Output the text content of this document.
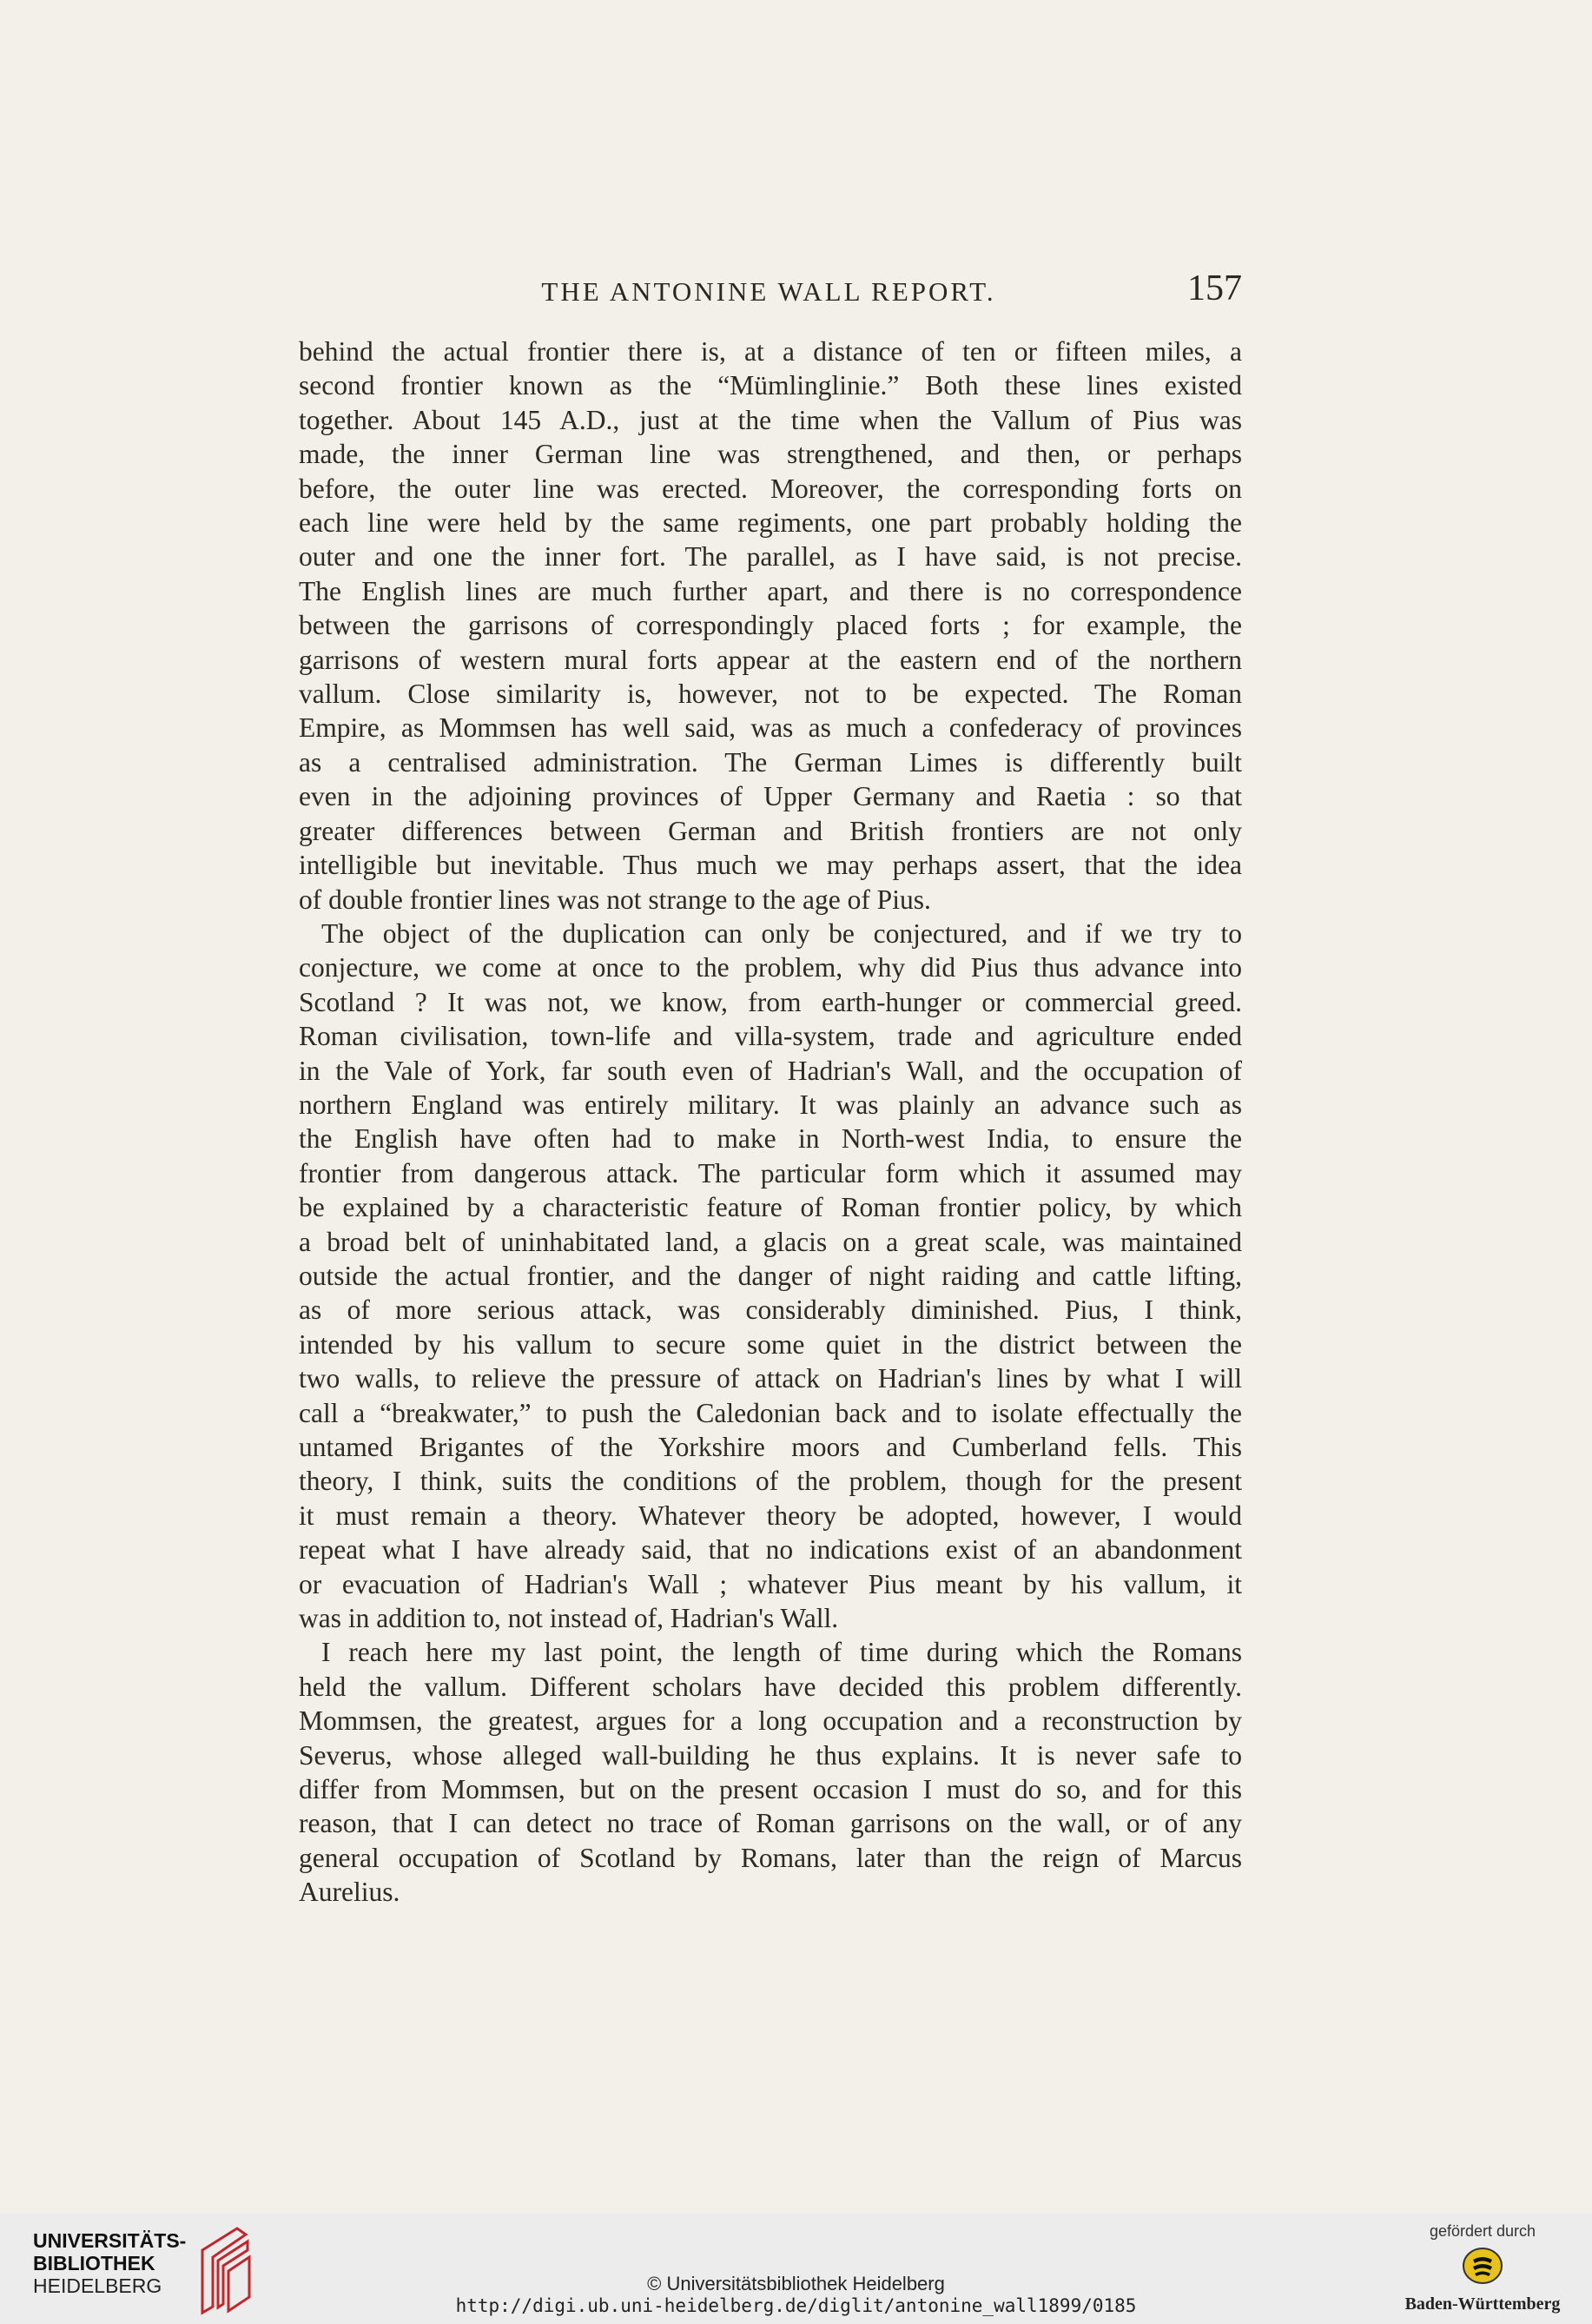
THE ANTONINE WALL REPORT.	157
behind the actual frontier there is, at a distance of ten or fifteen miles, a
second frontier known as the “Mümlinglinie.” Both these lines existed
together. About 145 A.D., just at the time when the Vallum of Pius was
made, the inner German line was strengthened, and then, or perhaps
before, the outer line was erected. Moreover, the corresponding forts on
each line were held by the same regiments, one part probably holding the
outer and one the inner fort. The parallel, as I have said, is not precise.
The English lines are much further apart, and there is no correspondence
between the garrisons of correspondingly placed forts ; for example, the
garrisons of western mural forts appear at the eastern end of the northern
vallum. Close similarity is, however, not to be expected. The Roman
Empire, as Mommsen has well said, was as much a confederacy of provinces
as a centralised administration. The German Limes is differently built
even in the adjoining provinces of Upper Germany and Raetia : so that
greater differences between German and British frontiers are not only
intelligible but inevitable. Thus much we may perhaps assert, that the idea
of double frontier lines was not strange to the age of Pius.
The object of the duplication can only be conjectured, and if we try to
conjecture, we come at once to the problem, why did Pius thus advance into
Scotland ? It was not, we know, from earth-hunger or commercial greed.
Roman civilisation, town-life and villa-system, trade and agriculture ended
in the Vale of York, far south even of Hadrian's Wall, and the occupation of
northern England was entirely military. It was plainly an advance such as
the English have often had to make in North-west India, to ensure the
frontier from dangerous attack. The particular form which it assumed may
be explained by a characteristic feature of Roman frontier policy, by which
a broad belt of uninhabitated land, a glacis on a great scale, was maintained
outside the actual frontier, and the danger of night raiding and cattle lifting,
as of more serious attack, was considerably diminished. Pius, I think,
intended by his vallum to secure some quiet in the district between the
two walls, to relieve the pressure of attack on Hadrian's lines by what I will
call a “breakwater,” to push the Caledonian back and to isolate effectually the
untamed Brigantes of the Yorkshire moors and Cumberland fells. This
theory, I think, suits the conditions of the problem, though for the present
it must remain a theory. Whatever theory be adopted, however, I would
repeat what I have already said, that no indications exist of an abandonment
or evacuation of Hadrian's Wall ; whatever Pius meant by his vallum, it
was in addition to, not instead of, Hadrian's Wall.
I reach here my last point, the length of time during which the Romans
held the vallum. Different scholars have decided this problem differently.
Mommsen, the greatest, argues for a long occupation and a reconstruction by
Severus, whose alleged wall-building he thus explains. It is never safe to
differ from Mommsen, but on the present occasion I must do so, and for this
reason, that I can detect no trace of Roman garrisons on the wall, or of any
general occupation of Scotland by Romans, later than the reign of Marcus
Aurelius.
UNIVERSITÄTS-
BIBLIOTHEK
HEIDELBERG	© Universitätsbibliothek Heidelberg
http://digi.ub.uni-heidelberg.de/diglit/antonine_wall1899/0185
gefördert durch
Baden-Württemberg
